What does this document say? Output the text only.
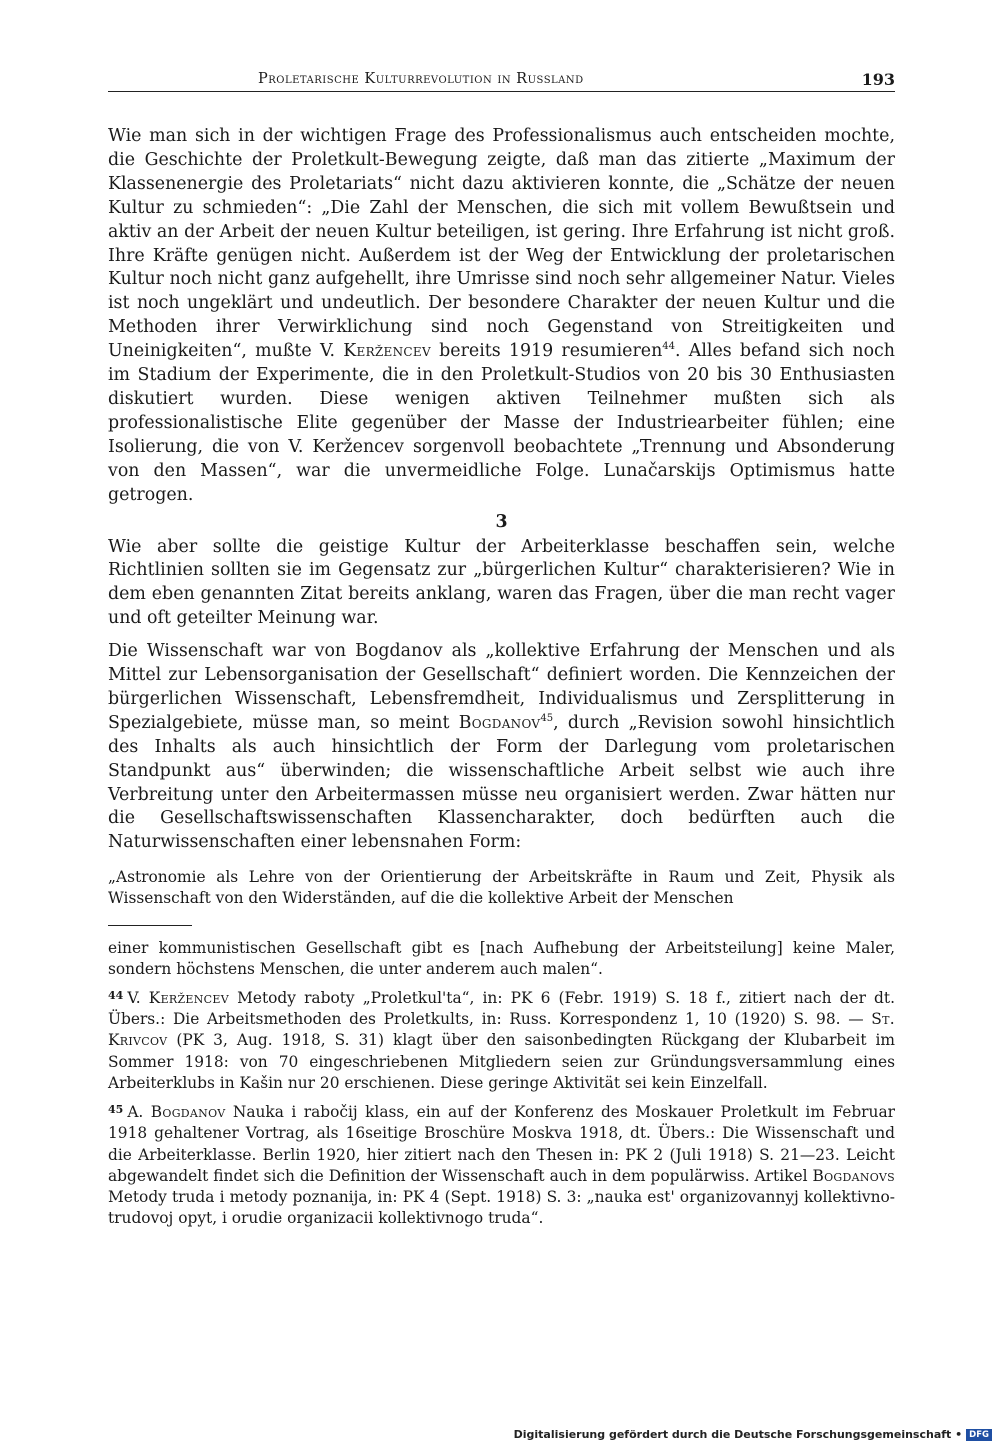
Proletarische Kulturrevolution in Russland	193

Wie man sich in der wichtigen Frage des Professionalismus auch entscheiden mochte, die Geschichte der Proletkult-Bewegung zeigte, daß man das zitierte „Maximum der Klassenenergie des Proletariats“ nicht dazu aktivieren konnte, die „Schätze der neuen Kultur zu schmieden“: „Die Zahl der Menschen, die sich mit vollem Bewußtsein und aktiv an der Arbeit der neuen Kultur beteiligen, ist gering. Ihre Erfahrung ist nicht groß. Ihre Kräfte genügen nicht. Außerdem ist der Weg der Entwicklung der proletarischen Kultur noch nicht ganz aufgehellt, ihre Umrisse sind noch sehr allgemeiner Natur. Vieles ist noch ungeklärt und undeutlich. Der besondere Charakter der neuen Kultur und die Methoden ihrer Verwirklichung sind noch Gegenstand von Streitigkeiten und Uneinigkeiten“, mußte V. Keržencev bereits 1919 resumieren$^{44}$. Alles befand sich noch im Stadium der Experimente, die in den Proletkult-Studios von 20 bis 30 Enthusiasten diskutiert wurden. Diese wenigen aktiven Teilnehmer mußten sich als professionalistische Elite gegenüber der Masse der Industriearbeiter fühlen; eine Isolierung, die von V. Keržencev sorgenvoll beobachtete „Trennung und Absonderung von den Massen“, war die unvermeidliche Folge. Lunačarskijs Optimismus hatte getrogen.

3

Wie aber sollte die geistige Kultur der Arbeiterklasse beschaffen sein, welche Richtlinien sollten sie im Gegensatz zur „bürgerlichen Kultur“ charakterisieren? Wie in dem eben genannten Zitat bereits anklang, waren das Fragen, über die man recht vager und oft geteilter Meinung war.

Die Wissenschaft war von Bogdanov als „kollektive Erfahrung der Menschen und als Mittel zur Lebensorganisation der Gesellschaft“ definiert worden. Die Kennzeichen der bürgerlichen Wissenschaft, Lebensfremdheit, Individualismus und Zersplitterung in Spezialgebiete, müsse man, so meint Bogdanov$^{45}$, durch „Revision sowohl hinsichtlich des Inhalts als auch hinsichtlich der Form der Darlegung vom proletarischen Standpunkt aus“ überwinden; die wissenschaftliche Arbeit selbst wie auch ihre Verbreitung unter den Arbeitermassen müsse neu organisiert werden. Zwar hätten nur die Gesellschaftswissenschaften Klassencharakter, doch bedürften auch die Naturwissenschaften einer lebensnahen Form:

„Astronomie als Lehre von der Orientierung der Arbeitskräfte in Raum und Zeit, Physik als Wissenschaft von den Widerständen, auf die die kollektive Arbeit der Menschen

einer kommunistischen Gesellschaft gibt es [nach Aufhebung der Arbeitsteilung] keine Maler, sondern höchstens Menschen, die unter anderem auch malen“.

$^{44}$ V. Keržencev Metody raboty „Proletkul'ta“, in: PK 6 (Febr. 1919) S. 18 f., zitiert nach der dt. Übers.: Die Arbeitsmethoden des Proletkults, in: Russ. Korrespondenz 1, 10 (1920) S. 98. — St. Krivcov (PK 3, Aug. 1918, S. 31) klagt über den saisonbedingten Rückgang der Klubarbeit im Sommer 1918: von 70 eingeschriebenen Mitgliedern seien zur Gründungsversammlung eines Arbeiterklubs in Kašin nur 20 erschienen. Diese geringe Aktivität sei kein Einzelfall.

$^{45}$ A. Bogdanov Nauka i rabočij klass, ein auf der Konferenz des Moskauer Proletkult im Februar 1918 gehaltener Vortrag, als 16seitige Broschüre Moskva 1918, dt. Übers.: Die Wissenschaft und die Arbeiterklasse. Berlin 1920, hier zitiert nach den Thesen in: PK 2 (Juli 1918) S. 21—23. Leicht abgewandelt findet sich die Definition der Wissenschaft auch in dem populärwiss. Artikel Bogdanovs Metody truda i metody poznanija, in: PK 4 (Sept. 1918) S. 3: „nauka est' organizovannyj kollektivno-trudovoj opyt, i orudie organizacii kollektivnogo truda“.

Digitalisierung gefördert durch die Deutsche Forschungsgemeinschaft • DFG
